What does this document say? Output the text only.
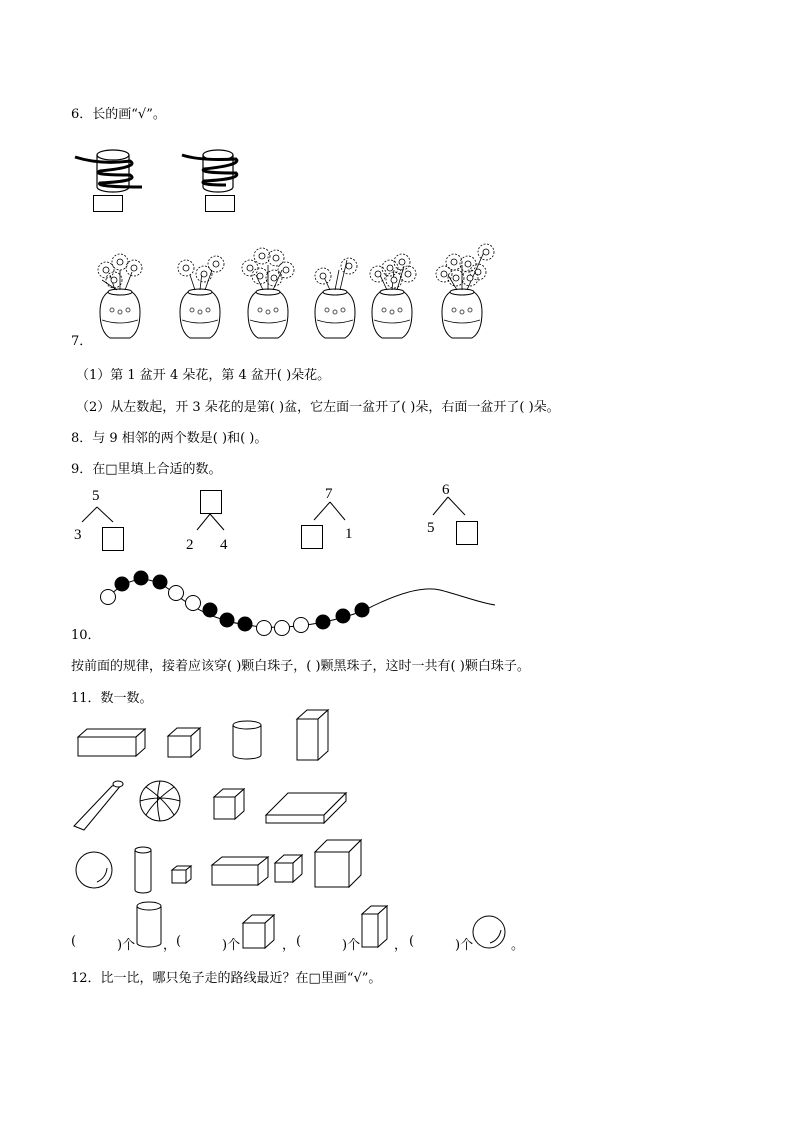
6．长的画“√”。
7．
（1）第 1 盆开 4 朵花，第 4 盆开( )朵花。
（2）从左数起，开 3 朵花的是第( )盆，它左面一盆开了( )朵，右面一盆开了( )朵。
8．与 9 相邻的两个数是( )和( )。
9．在□里填上合适的数。
5
3
2 4
7
1
6
5
10．
按前面的规律，接着应该穿( )颗白珠子，( )颗黑珠子，这时一共有( )颗白珠子。
11．数一数。
(	)个 ， (	)个	， (	)个	， (	)个	。
12．比一比，哪只兔子走的路线最近？在□里画“√”。
